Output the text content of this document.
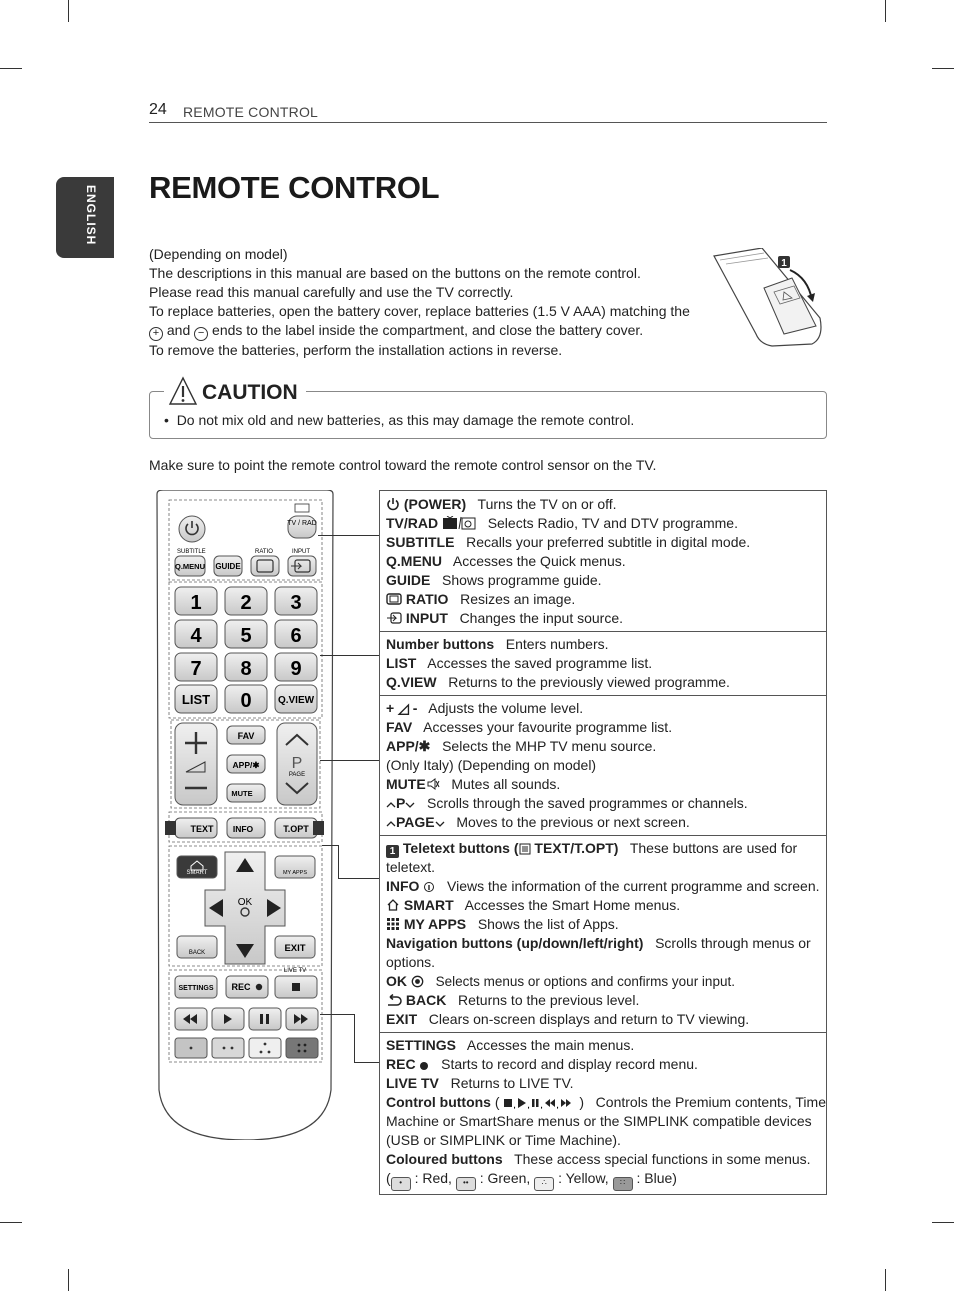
24 REMOTE CONTROL
ENGLISH REMOTE CONTROL

(Depending on model)

The descriptions in this manual are based on the buttons on the remote control.

Please read this manual carefully and use the TV correctly.

To replace batteries, open the battery cover, replace batteries (1.5 V AAA) matching the

+ and − ends to the label inside the compartment, and close the battery cover.

To remove the batteries, perform the installation actions in reverse.

1
CAUTION
•  Do not mix old and new batteries, as this may damage the remote control.
Make sure to point the remote control toward the remote control sensor on the TV.
TV / RAD
SUBTITLE	RATIO	INPUT
Q.MENU GUIDE
1 2 3
4 5 6
7 8 9
LIST 0	Q.VIEW
FAV
APP/✱
MUTE
P
PAGE
TEXT INFO	T.OPT
SMART	MY APPS
OK
BACK	EXIT
LIVE TV
SETTINGS REC

(POWER) Turns the TV on or off.

TV/RAD	Selects Radio, TV and DTV programme.

SUBTITLE Recalls your preferred subtitle in digital mode.

Q.MENU Accesses the Quick menus.

GUIDE Shows programme guide.

RATIO Resizes an image.

INPUT Changes the input source.

Number buttons Enters numbers.

LIST Accesses the saved programme list.

Q.VIEW Returns to the previously viewed programme.

+ ◿ - Adjusts the volume level.

FAV Accesses your favourite programme list.

APP/✱ Selects the MHP TV menu source.

(Only Italy) (Depending on model)

MUTE Mutes all sounds.

P Scrolls through the saved programmes or channels.

PAGE Moves to the previous or next screen.

1 Teletext buttons ( TEXT/T.OPT) These buttons are used for teletext.

INFO Views the information of the current programme and screen.

SMART Accesses the Smart Home menus.

MY APPS Shows the list of Apps.

Navigation buttons (up/down/left/right) Scrolls through menus or options.

OK Selects menus or options and confirms your input.

BACK Returns to the previous level.

EXIT Clears on-screen displays and return to TV viewing.

SETTINGS Accesses the main menus.

REC Starts to record and display record menu.

LIVE TV Returns to LIVE TV.

Control buttons ( , , , , )   Controls the Premium contents, Time Machine or SmartShare menus or the SIMPLINK compatible devices (USB or SIMPLINK or Time Machine).

Coloured buttons These access special functions in some menus.

( • : Red, •• : Green, ∴ : Yellow, ∷ : Blue)
